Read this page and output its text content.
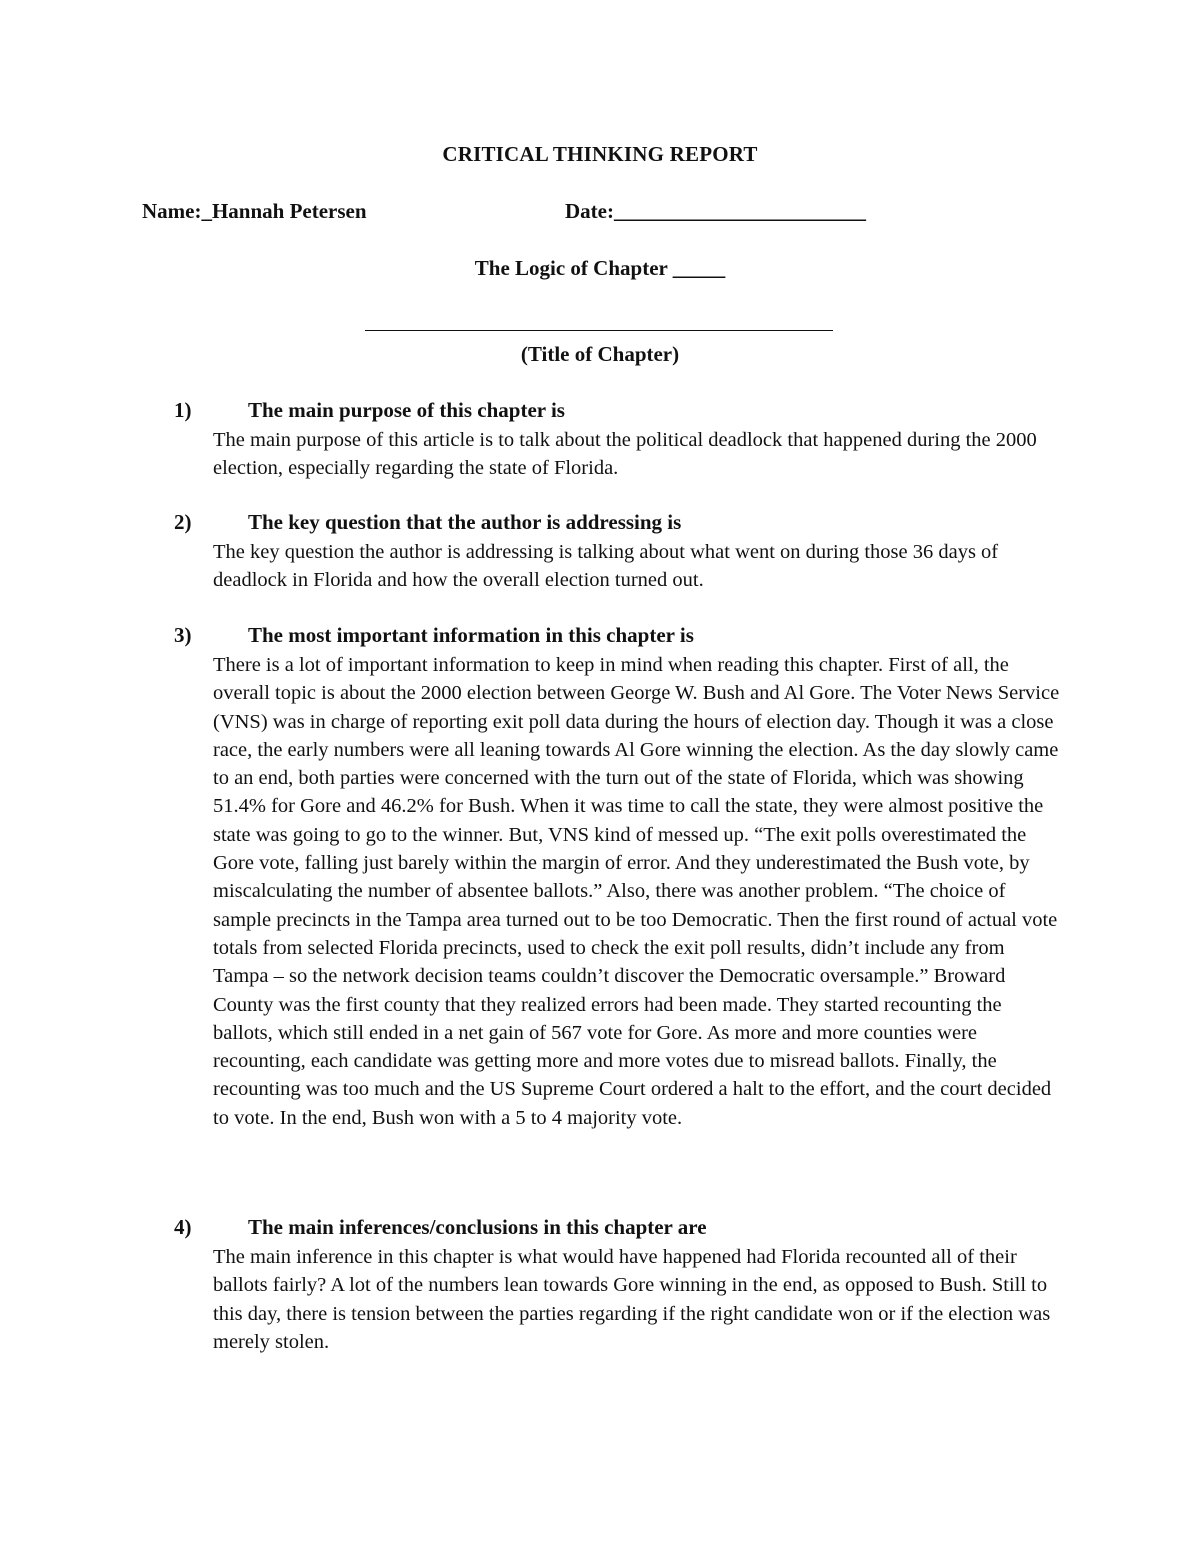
CRITICAL THINKING REPORT
Name:_Hannah Petersen	Date:________________________
The Logic of Chapter _____
(Title of Chapter)
1)	The main purpose of this chapter is
The main purpose of this article is to talk about the political deadlock that happened during the 2000 election, especially regarding the state of Florida.
2)	The key question that the author is addressing is
The key question the author is addressing is talking about what went on during those 36 days of deadlock in Florida and how the overall election turned out.
3)	The most important information in this chapter is
There is a lot of important information to keep in mind when reading this chapter. First of all, the overall topic is about the 2000 election between George W. Bush and Al Gore. The Voter News Service (VNS) was in charge of reporting exit poll data during the hours of election day. Though it was a close race, the early numbers were all leaning towards Al Gore winning the election. As the day slowly came to an end, both parties were concerned with the turn out of the state of Florida, which was showing 51.4% for Gore and 46.2% for Bush. When it was time to call the state, they were almost positive the state was going to go to the winner. But, VNS kind of messed up. “The exit polls overestimated the Gore vote, falling just barely within the margin of error. And they underestimated the Bush vote, by miscalculating the number of absentee ballots.” Also, there was another problem. “The choice of sample precincts in the Tampa area turned out to be too Democratic. Then the first round of actual vote totals from selected Florida precincts, used to check the exit poll results, didn’t include any from Tampa – so the network decision teams couldn’t discover the Democratic oversample.” Broward County was the first county that they realized errors had been made. They started recounting the ballots, which still ended in a net gain of 567 vote for Gore. As more and more counties were recounting, each candidate was getting more and more votes due to misread ballots. Finally, the recounting was too much and the US Supreme Court ordered a halt to the effort, and the court decided to vote. In the end, Bush won with a 5 to 4 majority vote.
4)	The main inferences/conclusions in this chapter are
The main inference in this chapter is what would have happened had Florida recounted all of their ballots fairly? A lot of the numbers lean towards Gore winning in the end, as opposed to Bush. Still to this day, there is tension between the parties regarding if the right candidate won or if the election was merely stolen.
